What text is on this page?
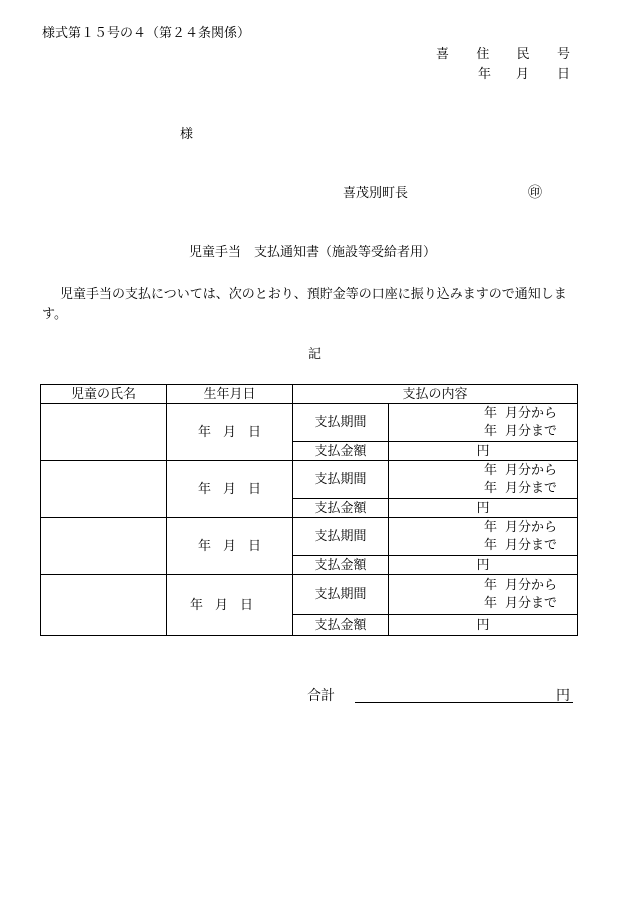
様式第１５号の４（第２４条関係）
喜 住 民 号
年 月 日
様
喜茂別町長	㊞
児童手当　支払通知書（施設等受給者用）
児童手当の支払については、次のとおり、預貯金等の口座に振り込みますので通知しま
す。
記
児童の氏名	生年月日	支払の内容	
	年 月 日	支払期間	年 月分から
年 月分まで

		支払金額	円
	年 月 日	支払期間	年 月分から
年 月分まで

		支払金額	円
	年 月 日	支払期間	年 月分から
年 月分まで

		支払金額	円
	年 月 日	支払期間	年 月分から
年 月分まで

		支払金額	円
合計	円
